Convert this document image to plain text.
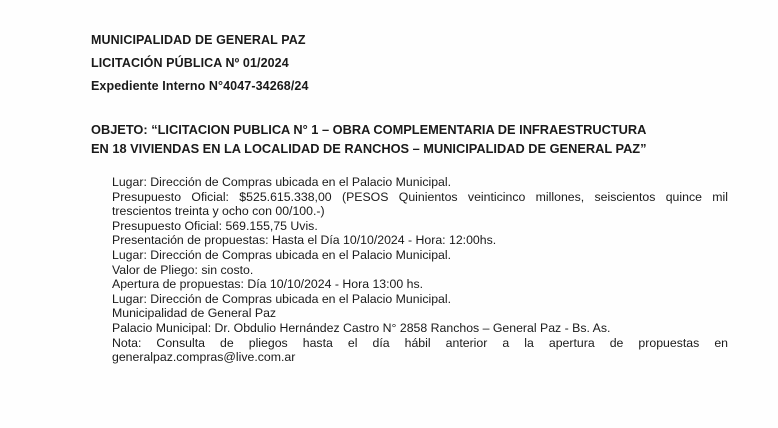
MUNICIPALIDAD DE GENERAL PAZ
LICITACIÓN PÚBLICA Nº 01/2024
Expediente Interno N°4047-34268/24
OBJETO: “LICITACION PUBLICA N° 1 – OBRA COMPLEMENTARIA DE INFRAESTRUCTURA
EN 18 VIVIENDAS EN LA LOCALIDAD DE RANCHOS – MUNICIPALIDAD DE GENERAL PAZ”
Lugar: Dirección de Compras ubicada en el Palacio Municipal.
Presupuesto Oficial: $525.615.338,00 (PESOS Quinientos veinticinco millones, seiscientos quince mil
trescientos treinta y ocho con 00/100.-)
Presupuesto Oficial: 569.155,75 Uvis.
Presentación de propuestas: Hasta el Día 10/10/2024 - Hora: 12:00hs.
Lugar: Dirección de Compras ubicada en el Palacio Municipal.
Valor de Pliego: sin costo.
Apertura de propuestas: Día 10/10/2024 - Hora 13:00 hs.
Lugar: Dirección de Compras ubicada en el Palacio Municipal.
Municipalidad de General Paz
Palacio Municipal: Dr. Obdulio Hernández Castro N° 2858 Ranchos – General Paz - Bs. As.
Nota: Consulta de pliegos hasta el día hábil anterior a la apertura de propuestas en
generalpaz.compras@live.com.ar
